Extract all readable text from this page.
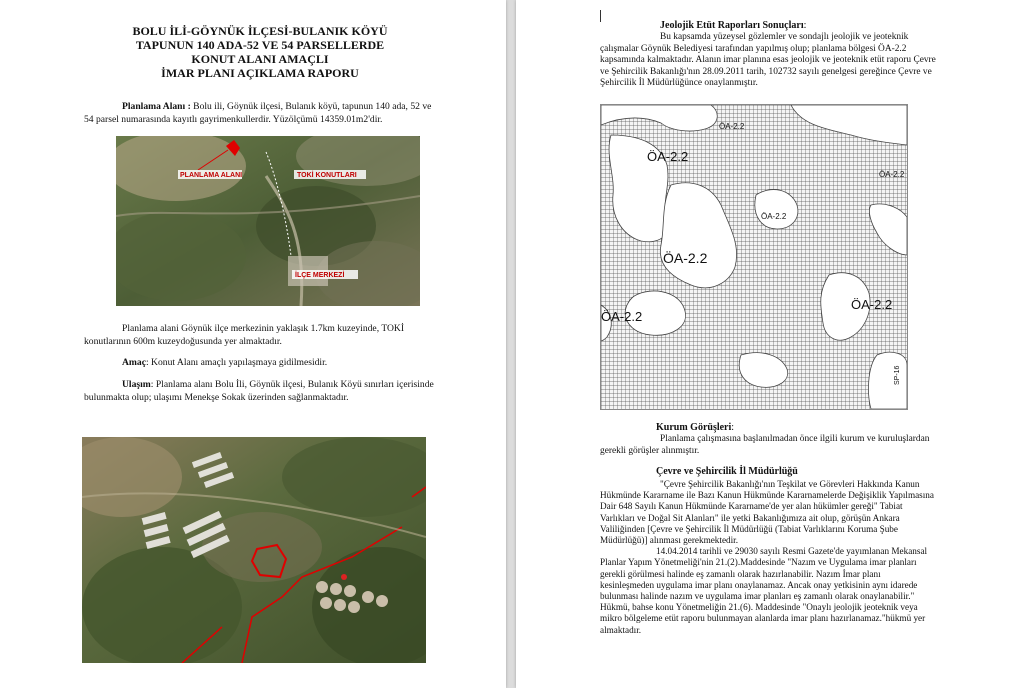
BOLU İLİ-GÖYNÜK İLÇESİ-BULANIK KÖYÜ
TAPUNUN 140 ADA-52 VE 54 PARSELLERDE
KONUT ALANI AMAÇLI
İMAR PLANI AÇIKLAMA RAPORU
Planlama Alanı : Bolu ili, Göynük ilçesi, Bulanık köyü, tapunun 140 ada, 52 ve
54 parsel numarasında kayıtlı gayrimenkullerdir. Yüzölçümü 14359.01m2'dir.
PLANLAMA ALANI	TOKİ KONUTLARI
İLÇE MERKEZİ
Planlama alani Göynük ilçe merkezinin yaklaşık 1.7km kuzeyinde, TOKİ
konutlarının 600m kuzeydoğusunda yer almaktadır.
Amaç: Konut Alanı amaçlı yapılaşmaya gidilmesidir.
Ulaşım: Planlama alanı Bolu İli, Göynük ilçesi, Bulanık Köyü sınırları içerisinde
bulunmakta olup; ulaşımı Menekşe Sokak üzerinden sağlanmaktadır.
Jeolojik Etüt Raporları Sonuçları:
Bu kapsamda yüzeysel gözlemler ve sondajlı jeolojik ve jeoteknik
çalışmalar Göynük Belediyesi tarafından yapılmış olup; planlama bölgesi ÖA-2.2
kapsamında kalmaktadır. Alanın imar planına esas jeolojik ve jeoteknik etüt raporu Çevre
ve Şehircilik Bakanlığı'nın 28.09.2011 tarih, 102732 sayılı genelgesi gereğince Çevre ve
Şehircilik İl Müdürlüğünce onaylanmıştır.
ÖA-2.2
ÖA-2.2
ÖA-2.2
ÖA-2.2
ÖA-2.2
ÖA-2.2
ÖA-2.2
SP-16
Kurum Görüşleri:
Planlama çalışmasına başlanılmadan önce ilgili kurum ve kuruluşlardan
gerekli görüşler alınmıştır.
Çevre ve Şehircilik İl Müdürlüğü
"Çevre Şehircilik Bakanlığı'nın Teşkilat ve Görevleri Hakkında Kanun
Hükmünde Kararname ile Bazı Kanun Hükmünde Kararnamelerde Değişiklik Yapılmasına
Dair 648 Sayılı Kanun Hükmünde Kararname'de yer alan hükümler gereği" Tabiat
Varlıkları ve Doğal Sit Alanları" ile yetki Bakanlığımıza ait olup, görüşün Ankara
Valiliğinden [Çevre ve Şehircilik İl Müdürlüğü (Tabiat Varlıklarını Koruma Şube
Müdürlüğü)] alınması gerekmektedir.
14.04.2014 tarihli ve 29030 sayılı Resmi Gazete'de yayımlanan Mekansal
Planlar Yapım Yönetmeliği'nin 21.(2).Maddesinde "Nazım ve Uygulama imar planları
gerekli görülmesi halinde eş zamanlı olarak hazırlanabilir. Nazım İmar planı
kesinleşmeden uygulama imar planı onaylanamaz. Ancak onay yetkisinin aynı idarede
bulunması halinde nazım ve uygulama imar planları eş zamanlı olarak onaylanabilir."
Hükmü, bahse konu Yönetmeliğin 21.(6). Maddesinde "Onaylı jeolojik jeoteknik veya
mikro bölgeleme etüt raporu bulunmayan alanlarda imar planı hazırlanamaz."hükmü yer
almaktadır.
